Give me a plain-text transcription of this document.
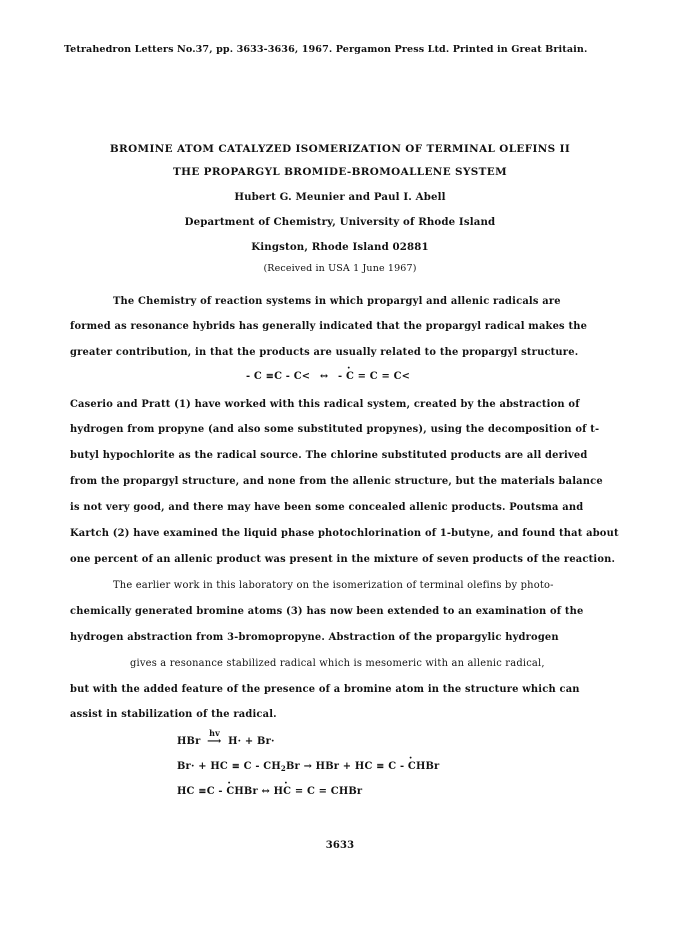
Tetrahedron Letters No.37, pp. 3633-3636, 1967. Pergamon Press Ltd. Printed in Great Britain.
BROMINE ATOM CATALYZED ISOMERIZATION OF TERMINAL OLEFINS II
THE PROPARGYL BROMIDE-BROMOALLENE SYSTEM
Hubert G. Meunier and Paul I. Abell
Department of Chemistry, University of Rhode Island
Kingston, Rhode Island 02881
(Received in USA 1 June 1967)
The Chemistry of reaction systems in which propargyl and allenic radicals are
formed as resonance hybrids has generally indicated that the propargyl radical makes the
greater contribution, in that the products are usually related to the propargyl structure.
- C ≡C - C< ↔ - · C = C = C<
Caserio and Pratt (1) have worked with this radical system, created by the abstraction of
hydrogen from propyne (and also some substituted propynes), using the decomposition of t-
butyl hypochlorite as the radical source. The chlorine substituted products are all derived
from the propargyl structure, and none from the allenic structure, but the materials balance
is not very good, and there may have been some concealed allenic products. Poutsma and
Kartch (2) have examined the liquid phase photochlorination of 1-butyne, and found that about
one percent of an allenic product was present in the mixture of seven products of the reaction.
The earlier work in this laboratory on the isomerization of terminal olefins by photo-
chemically generated bromine atoms (3) has now been extended to an examination of the
hydrogen abstraction from 3-bromopropyne. Abstraction of the propargylic hydrogen
gives a resonance stabilized radical which is mesomeric with an allenic radical,
but with the added feature of the presence of a bromine atom in the structure which can
assist in stabilization of the radical.
HBr
hv
⟶ H· + Br·
Br· + HC ≡ C - $CH_2Br$ → HBr + HC ≡ C - · CHBr
HC ≡C - · CHBr ↔ H· C = C = CHBr
3633
